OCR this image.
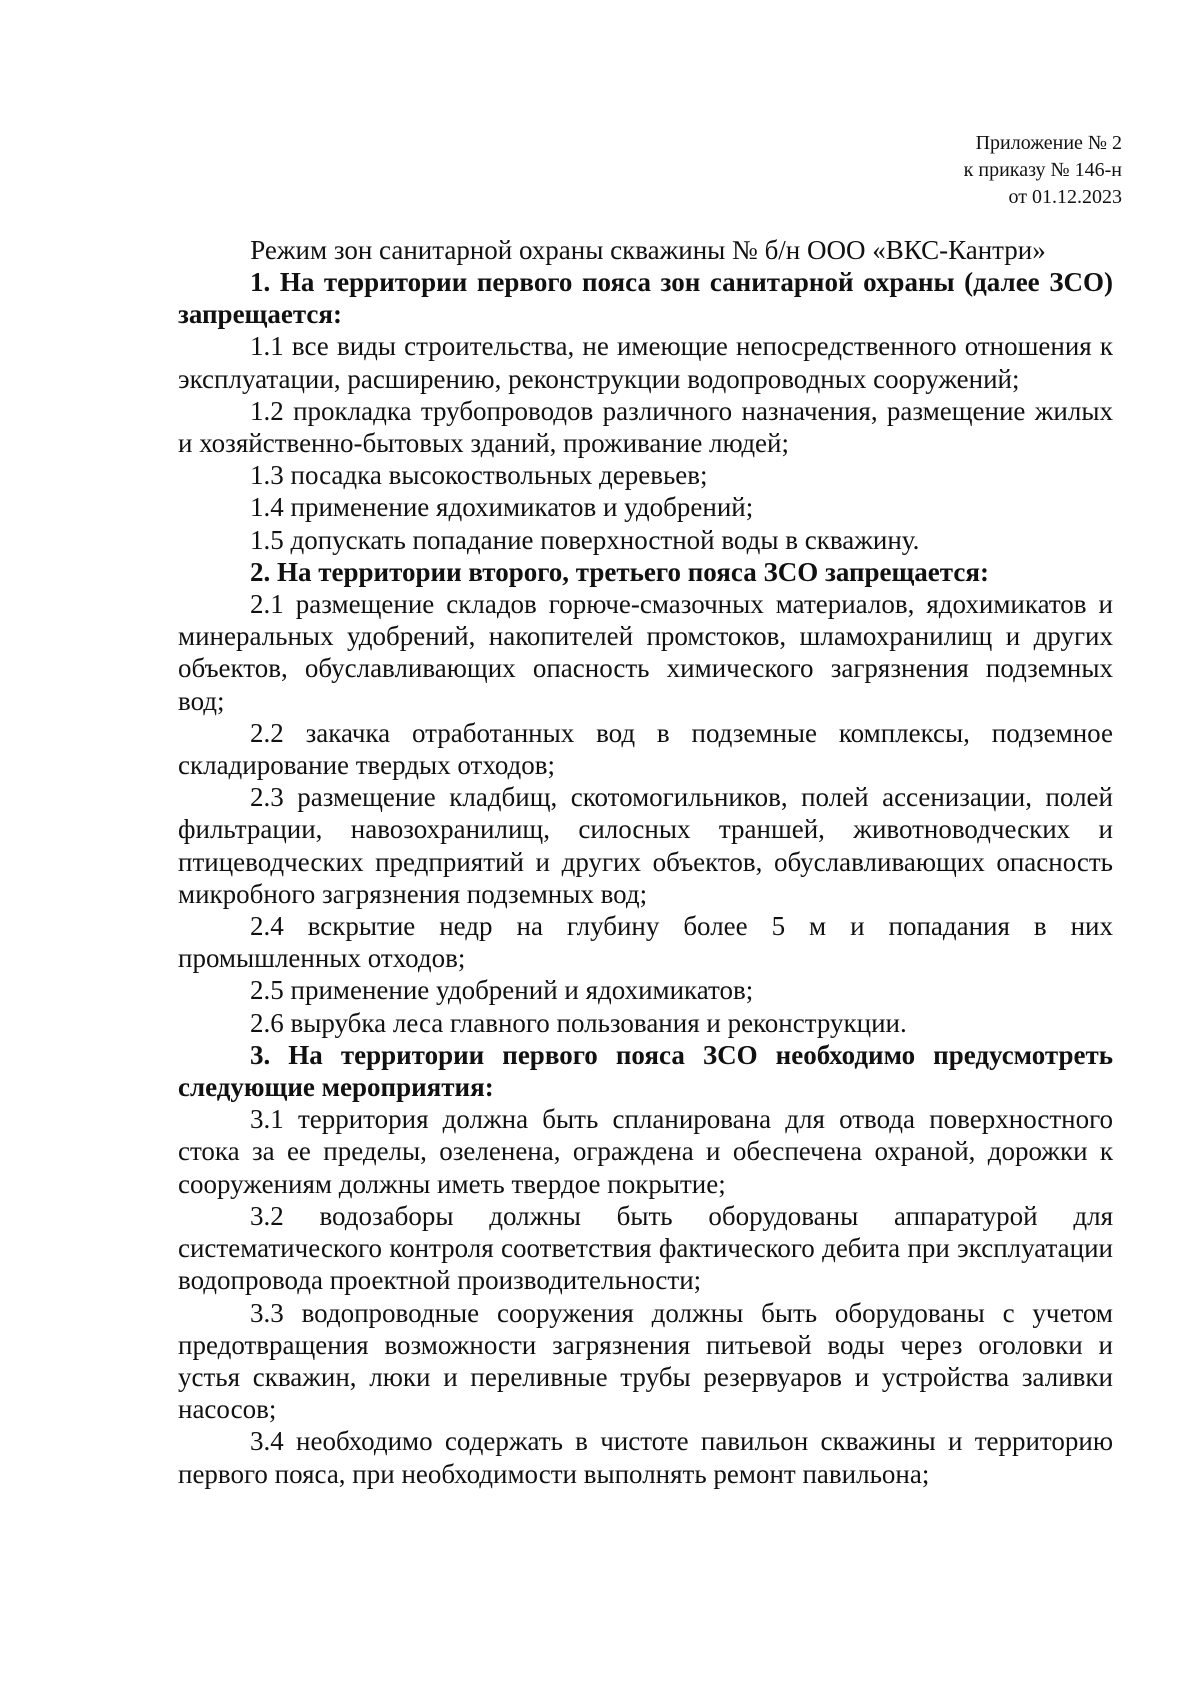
Приложение № 2
к приказу № 146-н
от 01.12.2023
Режим зон санитарной охраны скважины № б/н ООО «ВКС-Кантри»

1. На территории первого пояса зон санитарной охраны (далее ЗСО) запрещается:

1.1 все виды строительства, не имеющие непосредственного отношения к эксплуатации, расширению, реконструкции водопроводных сооружений;

1.2 прокладка трубопроводов различного назначения, размещение жилых и хозяйственно-бытовых зданий, проживание людей;

1.3 посадка высокоствольных деревьев;

1.4 применение ядохимикатов и удобрений;

1.5 допускать попадание поверхностной воды в скважину.

2. На территории второго, третьего пояса ЗСО запрещается:

2.1 размещение складов горюче-смазочных материалов, ядохимикатов и минеральных удобрений, накопителей промстоков, шламохранилищ и других объектов, обуславливающих опасность химического загрязнения подземных вод;

2.2 закачка отработанных вод в подземные комплексы, подземное складирование твердых отходов;

2.3 размещение кладбищ, скотомогильников, полей ассенизации, полей фильтрации, навозохранилищ, силосных траншей, животноводческих и птицеводческих предприятий и других объектов, обуславливающих опасность микробного загрязнения подземных вод;

2.4 вскрытие недр на глубину более 5 м и попадания в них промышленных отходов;

2.5 применение удобрений и ядохимикатов;

2.6 вырубка леса главного пользования и реконструкции.

3. На территории первого пояса ЗСО необходимо предусмотреть следующие мероприятия:

3.1 территория должна быть спланирована для отвода поверхностного стока за ее пределы, озеленена, ограждена и обеспечена охраной, дорожки к сооружениям должны иметь твердое покрытие;

3.2 водозаборы должны быть оборудованы аппаратурой для систематического контроля соответствия фактического дебита при эксплуатации водопровода проектной производительности;

3.3 водопроводные сооружения должны быть оборудованы с учетом предотвращения возможности загрязнения питьевой воды через оголовки и устья скважин, люки и переливные трубы резервуаров и устройства заливки насосов;

3.4 необходимо содержать в чистоте павильон скважины и территорию первого пояса, при необходимости выполнять ремонт павильона;
